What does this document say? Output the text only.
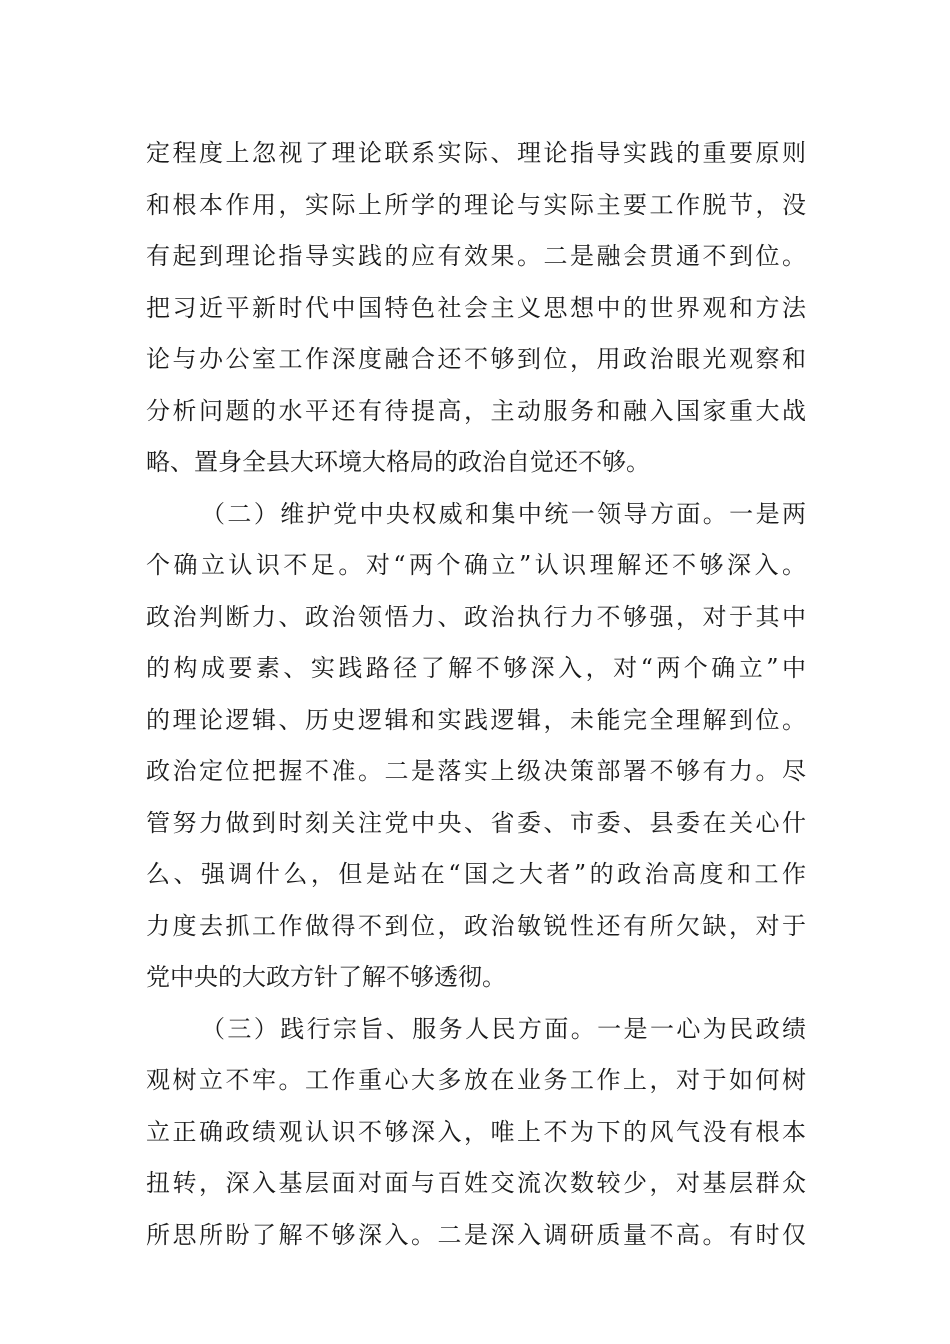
定程度上忽视了理论联系实际、理论指导实践的重要原则
和根本作用，实际上所学的理论与实际主要工作脱节，没
有起到理论指导实践的应有效果。二是融会贯通不到位。
把习近平新时代中国特色社会主义思想中的世界观和方法
论与办公室工作深度融合还不够到位，用政治眼光观察和
分析问题的水平还有待提高，主动服务和融入国家重大战
略、置身全县大环境大格局的政治自觉还不够。
（二）维护党中央权威和集中统一领导方面。一是两
个确立认识不足。对“两个确立”认识理解还不够深入。
政治判断力、政治领悟力、政治执行力不够强，对于其中
的构成要素、实践路径了解不够深入，对“两个确立”中
的理论逻辑、历史逻辑和实践逻辑，未能完全理解到位。
政治定位把握不准。二是落实上级决策部署不够有力。尽
管努力做到时刻关注党中央、省委、市委、县委在关心什
么、强调什么，但是站在“国之大者”的政治高度和工作
力度去抓工作做得不到位，政治敏锐性还有所欠缺，对于
党中央的大政方针了解不够透彻。
（三）践行宗旨、服务人民方面。一是一心为民政绩
观树立不牢。工作重心大多放在业务工作上，对于如何树
立正确政绩观认识不够深入，唯上不为下的风气没有根本
扭转，深入基层面对面与百姓交流次数较少，对基层群众
所思所盼了解不够深入。二是深入调研质量不高。有时仅
